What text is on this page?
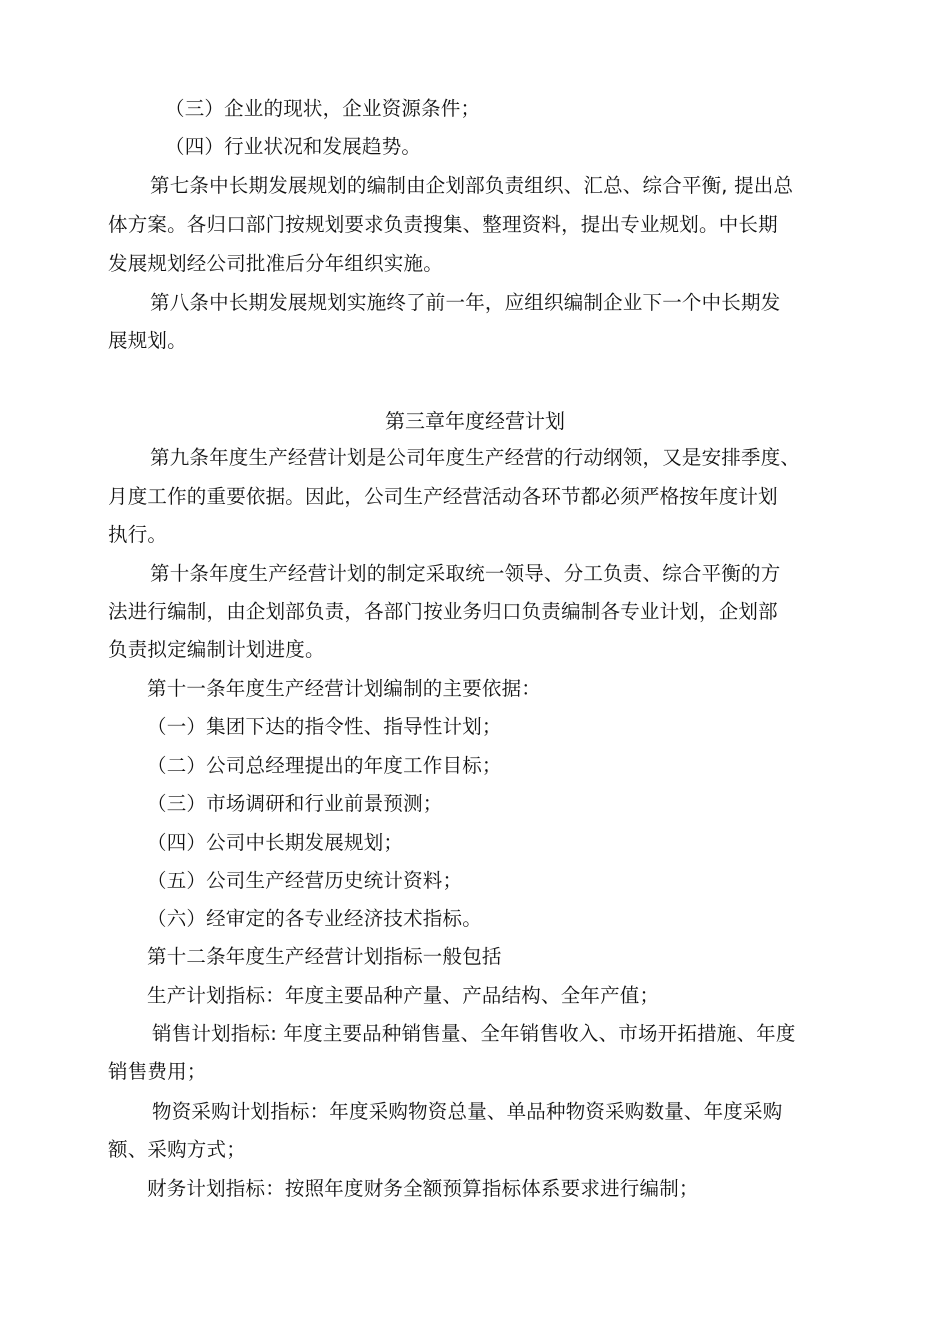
（三）企业的现状，企业资源条件；
（四）行业状况和发展趋势。
第七条中长期发展规划的编制由企划部负责组织、汇总、综合平衡, 提出总
体方案。各归口部门按规划要求负责搜集、整理资料，提出专业规划。中长期
发展规划经公司批准后分年组织实施。
第八条中长期发展规划实施终了前一年，应组织编制企业下一个中长期发
展规划。
第三章年度经营计划
第九条年度生产经营计划是公司年度生产经营的行动纲领，又是安排季度、
月度工作的重要依据。因此，公司生产经营活动各环节都必须严格按年度计划
执行。
第十条年度生产经营计划的制定采取统一领导、分工负责、综合平衡的方
法进行编制，由企划部负责，各部门按业务归口负责编制各专业计划，企划部
负责拟定编制计划进度。
第十一条年度生产经营计划编制的主要依据：
（一）集团下达的指令性、指导性计划；
（二）公司总经理提出的年度工作目标；
（三）市场调研和行业前景预测；
（四）公司中长期发展规划；
（五）公司生产经营历史统计资料；
（六）经审定的各专业经济技术指标。
第十二条年度生产经营计划指标一般包括
生产计划指标：年度主要品种产量、产品结构、全年产值；
销售计划指标: 年度主要品种销售量、全年销售收入、市场开拓措施、年度
销售费用；
物资采购计划指标：年度采购物资总量、单品种物资采购数量、年度采购
额、采购方式；
财务计划指标：按照年度财务全额预算指标体系要求进行编制；
